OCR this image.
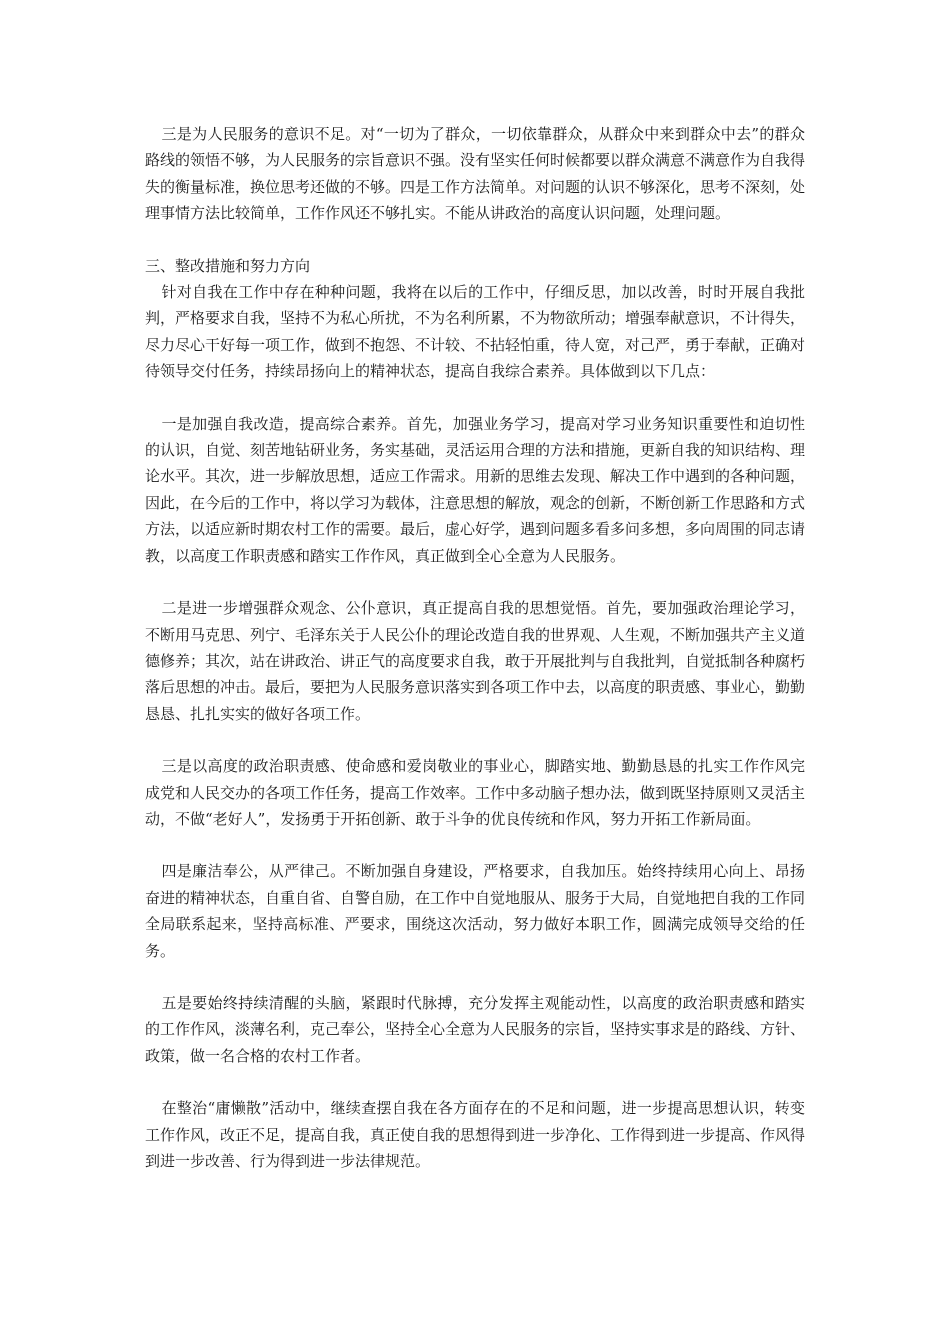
三是为人民服务的意识不足。对“一切为了群众，一切依靠群众，从群众中来到群众中去”的群众路线的领悟不够，为人民服务的宗旨意识不强。没有坚实任何时候都要以群众满意不满意作为自我得失的衡量标准，换位思考还做的不够。四是工作方法简单。对问题的认识不够深化，思考不深刻，处理事情方法比较简单，工作作风还不够扎实。不能从讲政治的高度认识问题，处理问题。

三、整改措施和努力方向

针对自我在工作中存在种种问题，我将在以后的工作中，仔细反思，加以改善，时时开展自我批判，严格要求自我，坚持不为私心所扰，不为名利所累，不为物欲所动；增强奉献意识，不计得失，尽力尽心干好每一项工作，做到不抱怨、不计较、不拈轻怕重，待人宽，对己严，勇于奉献，正确对待领导交付任务，持续昂扬向上的精神状态，提高自我综合素养。具体做到以下几点：

一是加强自我改造，提高综合素养。首先，加强业务学习，提高对学习业务知识重要性和迫切性的认识，自觉、刻苦地钻研业务，务实基础，灵活运用合理的方法和措施，更新自我的知识结构、理论水平。其次，进一步解放思想，适应工作需求。用新的思维去发现、解决工作中遇到的各种问题，因此，在今后的工作中，将以学习为载体，注意思想的解放，观念的创新，不断创新工作思路和方式方法，以适应新时期农村工作的需要。最后，虚心好学，遇到问题多看多问多想，多向周围的同志请教，以高度工作职责感和踏实工作作风，真正做到全心全意为人民服务。

二是进一步增强群众观念、公仆意识，真正提高自我的思想觉悟。首先，要加强政治理论学习，不断用马克思、列宁、毛泽东关于人民公仆的理论改造自我的世界观、人生观，不断加强共产主义道德修养；其次，站在讲政治、讲正气的高度要求自我，敢于开展批判与自我批判，自觉抵制各种腐朽落后思想的冲击。最后，要把为人民服务意识落实到各项工作中去，以高度的职责感、事业心，勤勤恳恳、扎扎实实的做好各项工作。

三是以高度的政治职责感、使命感和爱岗敬业的事业心，脚踏实地、勤勤恳恳的扎实工作作风完成党和人民交办的各项工作任务，提高工作效率。工作中多动脑子想办法，做到既坚持原则又灵活主动，不做“老好人”，发扬勇于开拓创新、敢于斗争的优良传统和作风，努力开拓工作新局面。

四是廉洁奉公，从严律己。不断加强自身建设，严格要求，自我加压。始终持续用心向上、昂扬奋进的精神状态，自重自省、自警自励，在工作中自觉地服从、服务于大局，自觉地把自我的工作同全局联系起来，坚持高标准、严要求，围绕这次活动，努力做好本职工作，圆满完成领导交给的任务。

五是要始终持续清醒的头脑，紧跟时代脉搏，充分发挥主观能动性，以高度的政治职责感和踏实的工作作风，淡薄名利，克己奉公，坚持全心全意为人民服务的宗旨，坚持实事求是的路线、方针、政策，做一名合格的农村工作者。

在整治“庸懒散”活动中，继续查摆自我在各方面存在的不足和问题，进一步提高思想认识，转变工作作风，改正不足，提高自我，真正使自我的思想得到进一步净化、工作得到进一步提高、作风得到进一步改善、行为得到进一步法律规范。
